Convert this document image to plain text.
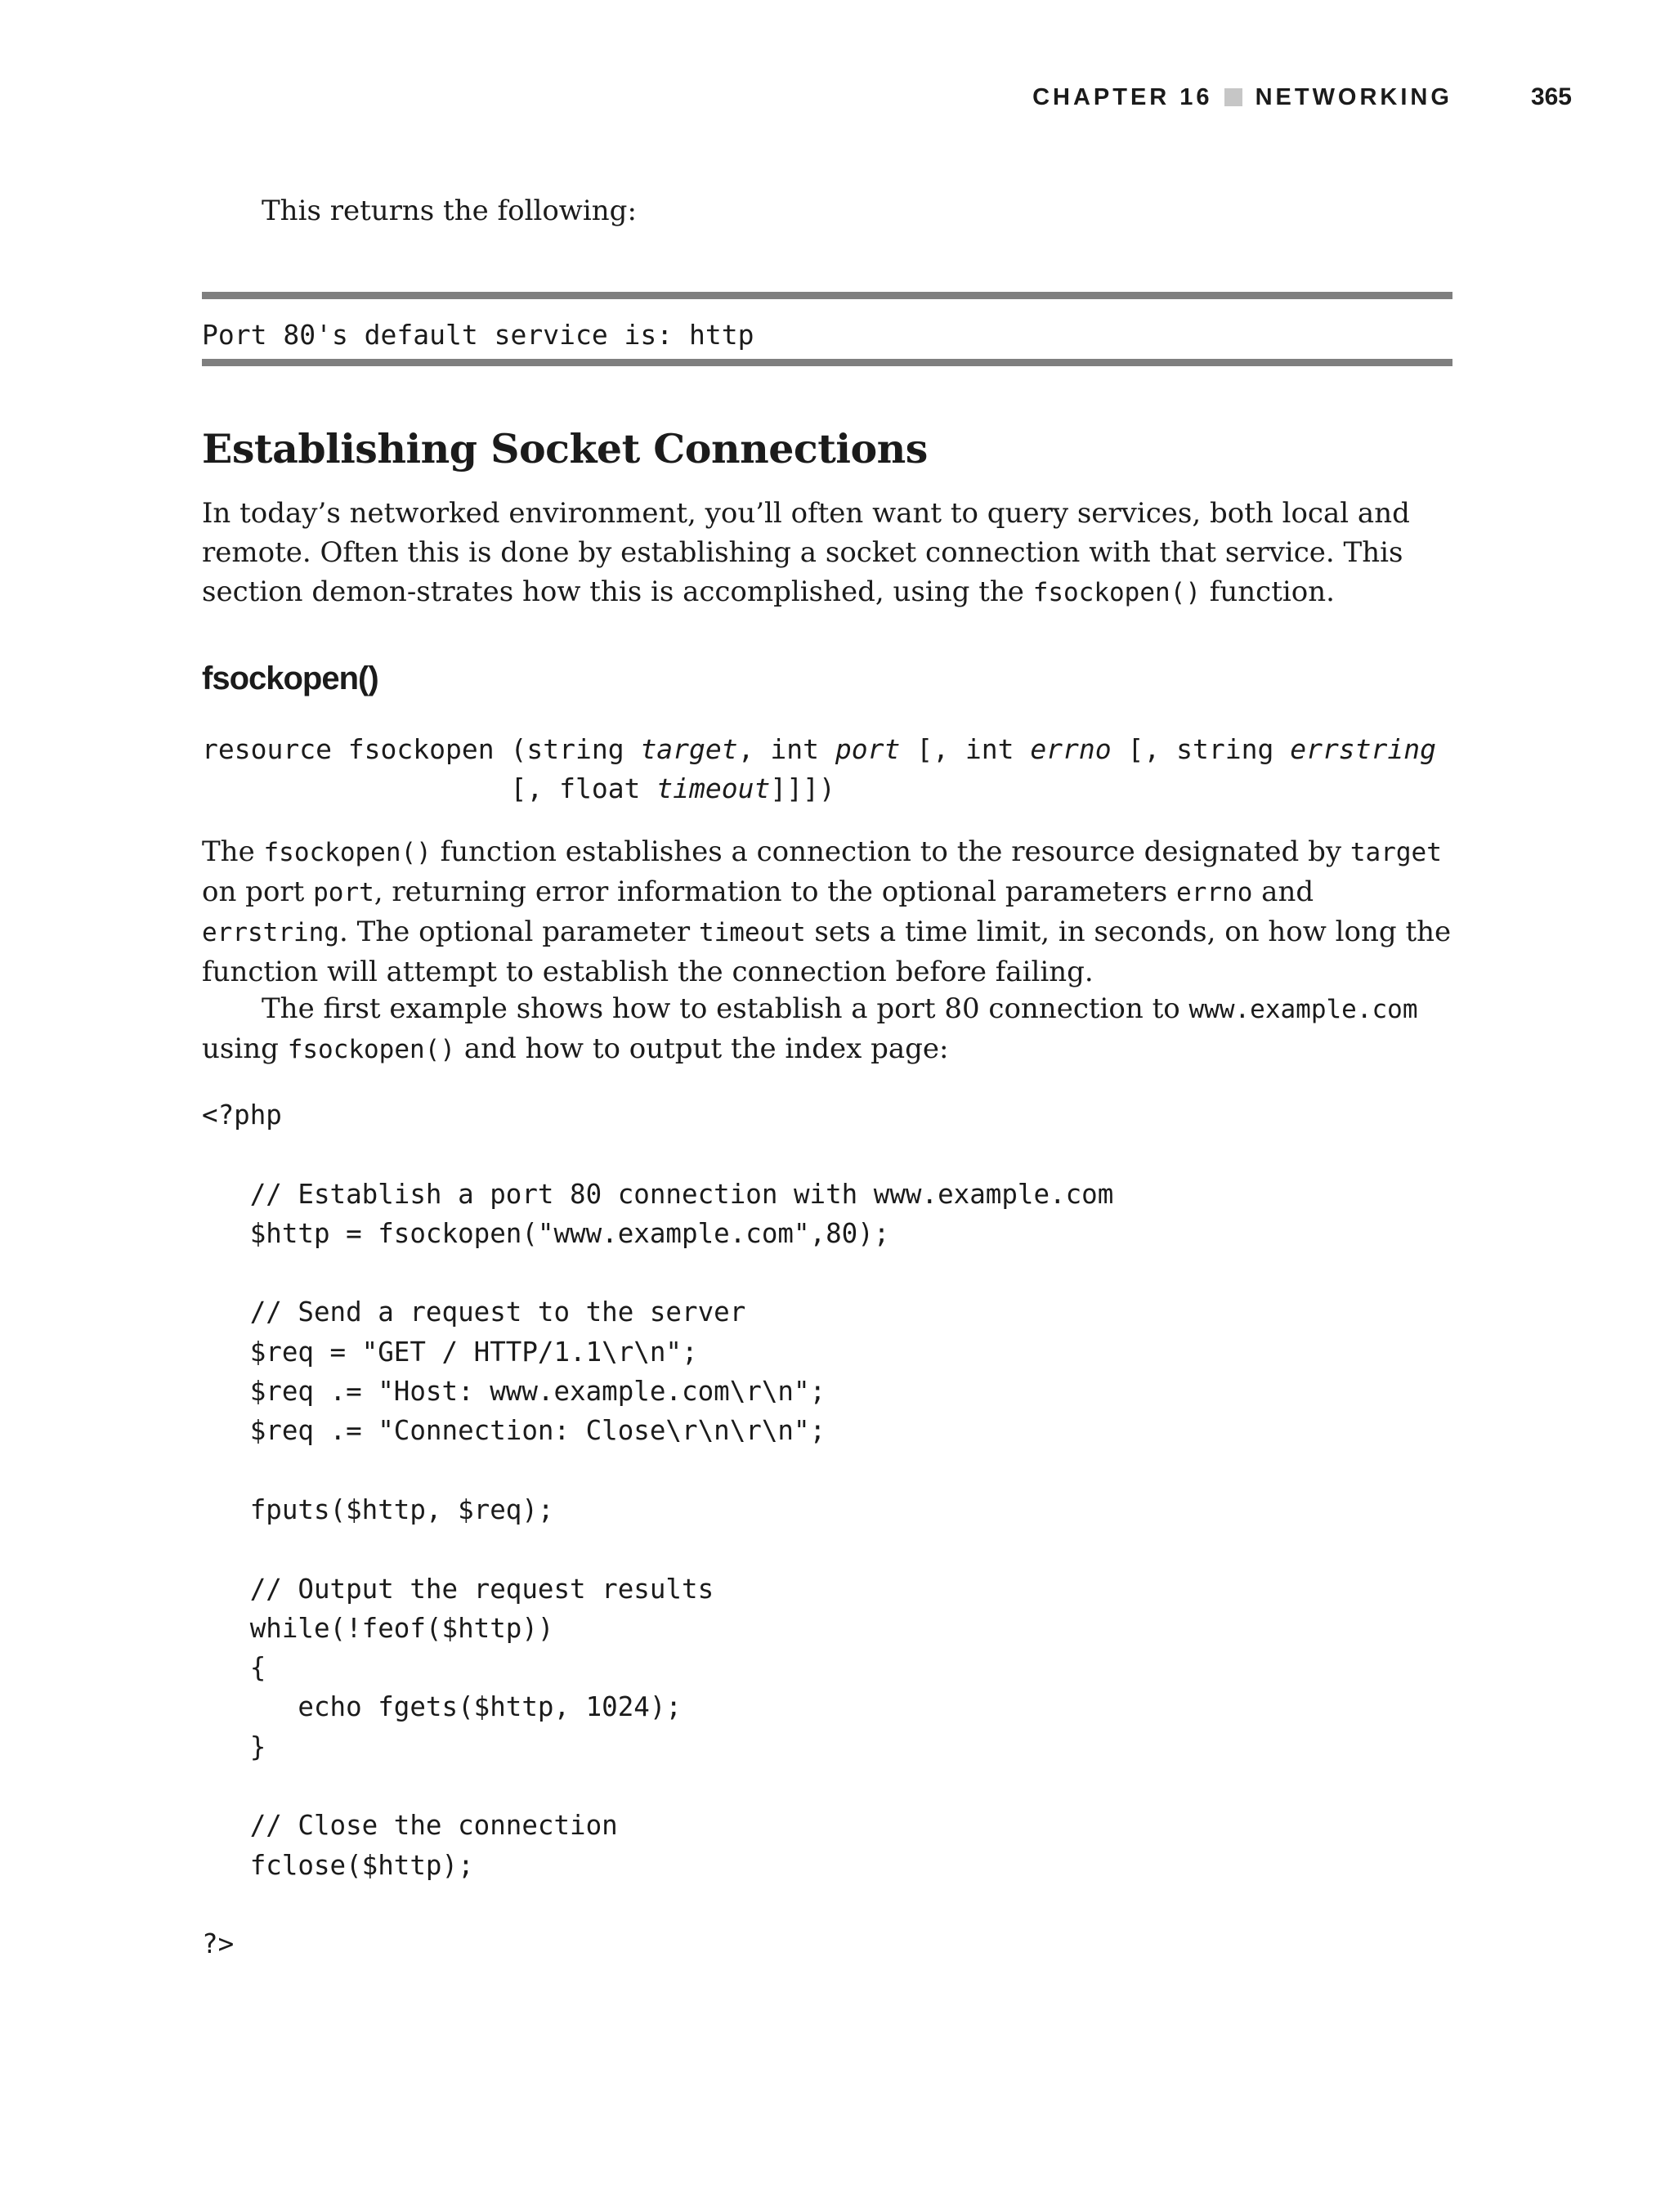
CHAPTER 16 NETWORKING	365
This returns the following:
Port 80's default service is: http
Establishing Socket Connections

In today’s networked environment, you’ll often want to query services, both local and remote. Often this is done by establishing a socket connection with that service. This section demon-strates how this is accomplished, using the fsockopen() function.

fsockopen()
resource fsockopen (string target, int port [, int errno [, string errstring
[, float timeout]]])

The fsockopen() function establishes a connection to the resource designated by target on port port, returning error information to the optional parameters errno and errstring. The optional parameter timeout sets a time limit, in seconds, on how long the function will attempt to establish the connection before failing.

The first example shows how to establish a port 80 connection to www.example.com using fsockopen() and how to output the index page:

<?php
// Establish a port 80 connection with www.example.com
$http = fsockopen("www.example.com",80);
// Send a request to the server
$req = "GET / HTTP/1.1\r\n";
$req .= "Host: www.example.com\r\n";
$req .= "Connection: Close\r\n\r\n";
fputs($http, $req);
// Output the request results
while(!feof($http))
{
echo fgets($http, 1024);
}
// Close the connection
fclose($http);
?>
